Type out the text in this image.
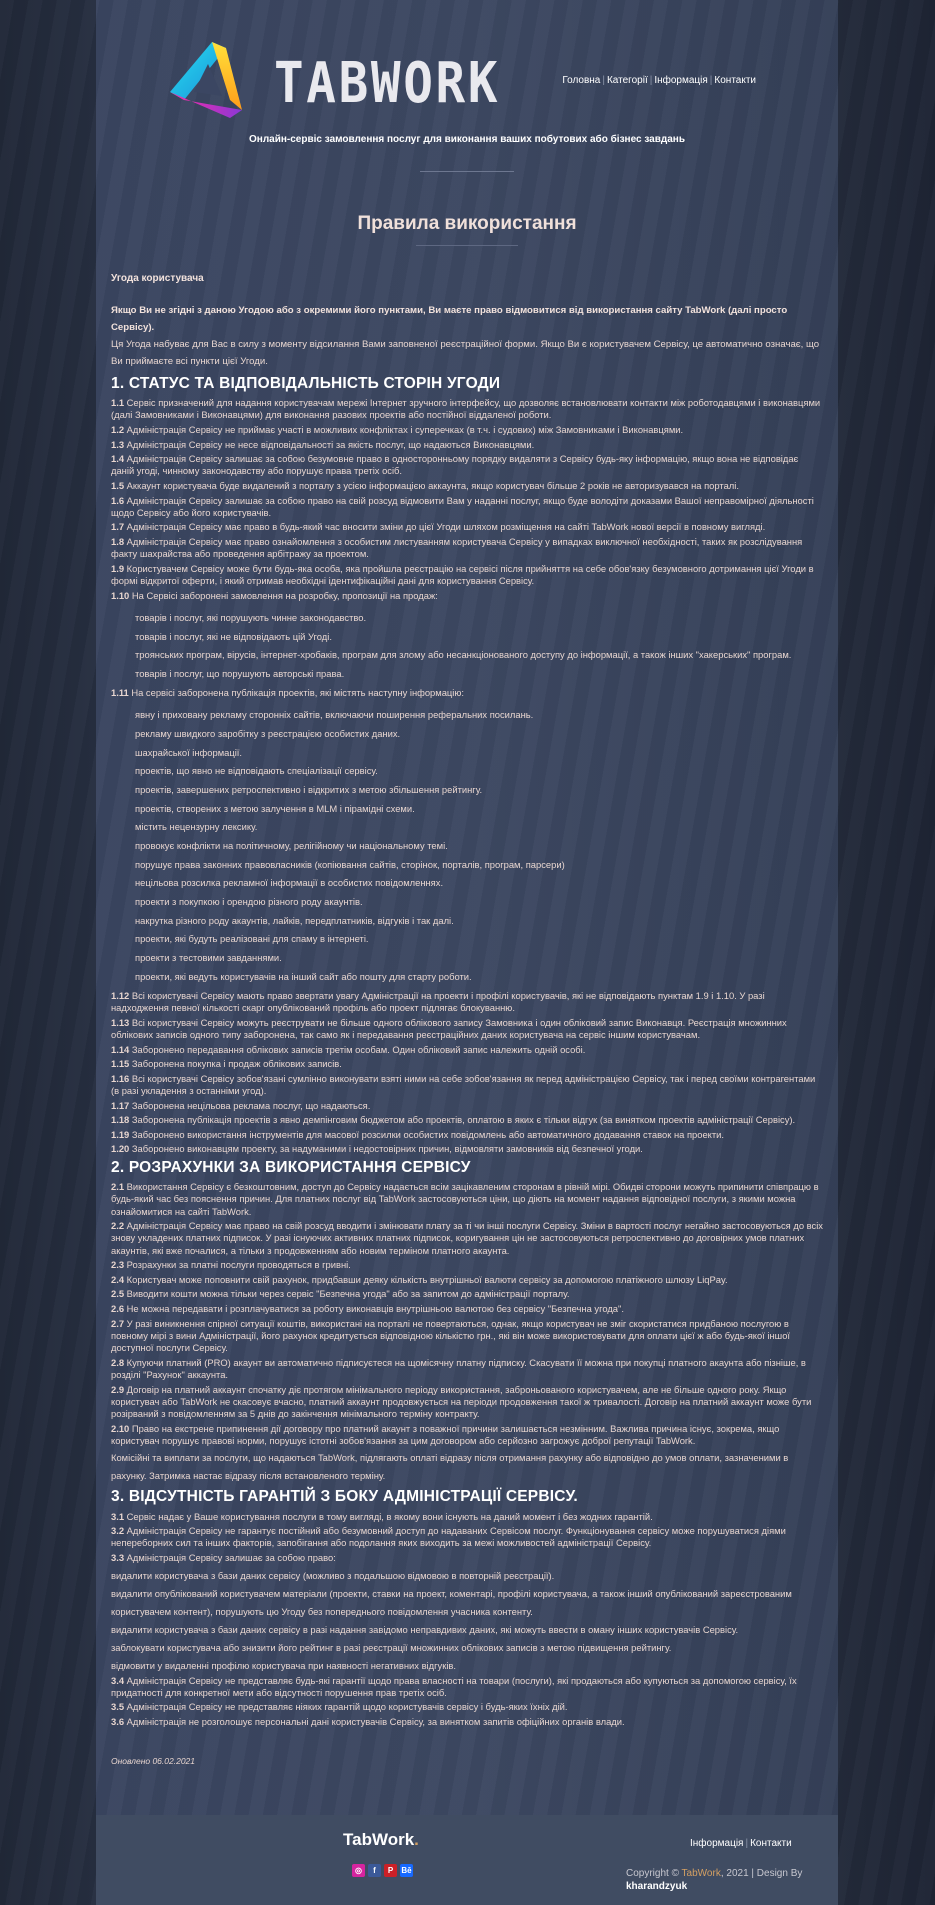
TABWORK	Головна | Категорії | Інформація | Контакти
Онлайн-сервіс замовлення послуг для виконання ваших побутових або бізнес завдань
Правила використання
Угода користувача
Якщо Ви не згідні з даною Угодою або з окремими його пунктами, Ви маєте право відмовитися від використання сайту TabWork (далі просто Сервісу).
Ця Угода набуває для Вас в силу з моменту відсилання Вами заповненої реєстраційної форми. Якщо Ви є користувачем Сервісу, це автоматично означає, що Ви приймаєте всі пункти цієї Угоди.
1. СТАТУС ТА ВІДПОВІДАЛЬНІСТЬ СТОРІН УГОДИ
1.1 Сервіс призначений для надання користувачам мережі Інтернет зручного інтерфейсу, що дозволяє встановлювати контакти між роботодавцями і виконавцями (далі Замовниками і Виконавцями) для виконання разових проектів або постійної віддаленої роботи.
1.2 Адміністрація Сервісу не приймає участі в можливих конфліктах і суперечках (в т.ч. і судових) між Замовниками і Виконавцями.
1.3 Адміністрація Сервісу не несе відповідальності за якість послуг, що надаються Виконавцями.
1.4 Адміністрація Сервісу залишає за собою безумовне право в односторонньому порядку видаляти з Сервісу будь-яку інформацію, якщо вона не відповідає даній угоді, чинному законодавству або порушує права третіх осіб.
1.5 Аккаунт користувача буде видалений з порталу з усією інформацією аккаунта, якщо користувач більше 2 років не авторизувався на порталі.
1.6 Адміністрація Сервісу залишає за собою право на свій розсуд відмовити Вам у наданні послуг, якщо буде володіти доказами Вашої неправомірної діяльності щодо Сервісу або його користувачів.
1.7 Адміністрація Сервісу має право в будь-який час вносити зміни до цієї Угоди шляхом розміщення на сайті TabWork нової версії в повному вигляді.
1.8 Адміністрація Сервісу має право ознайомлення з особистим листуванням користувача Сервісу у випадках виключної необхідності, таких як розслідування факту шахрайства або проведення арбітражу за проектом.
1.9 Користувачем Сервісу може бути будь-яка особа, яка пройшла реєстрацію на сервісі після прийняття на себе обов'язку безумовного дотримання цієї Угоди в формі відкритої оферти, і який отримав необхідні ідентифікаційні дані для користування Сервісу.
1.10 На Сервісі заборонені замовлення на розробку, пропозиції на продаж:
товарів і послуг, які порушують чинне законодавство.
товарів і послуг, які не відповідають цій Угоді.
троянських програм, вірусів, інтернет-хробаків, програм для злому або несанкціонованого доступу до інформації, а також інших "хакерських" програм.
товарів і послуг, що порушують авторські права.
1.11 На сервісі заборонена публікація проектів, які містять наступну інформацію:
явну і приховану рекламу сторонніх сайтів, включаючи поширення реферальних посилань.
рекламу швидкого заробітку з реєстрацією особистих даних.
шахрайської інформації.
проектів, що явно не відповідають спеціалізації сервісу.
проектів, завершених ретроспективно і відкритих з метою збільшення рейтингу.
проектів, створених з метою залучення в MLM і пірамідні схеми.
містить нецензурну лексику.
провокує конфлікти на політичному, релігійному чи національному темі.
порушує права законних правовласників (копіювання сайтів, сторінок, порталів, програм, парсери)
нецільова розсилка рекламної інформації в особистих повідомленнях.
проекти з покупкою і орендою різного роду акаунтів.
накрутка різного роду акаунтів, лайків, передплатників, відгуків і так далі.
проекти, які будуть реалізовані для спаму в інтернеті.
проекти з тестовими завданнями.
проекти, які ведуть користувачів на інший сайт або пошту для старту роботи.
1.12 Всі користувачі Сервісу мають право звертати увагу Адміністрації на проекти і профілі користувачів, які не відповідають пунктам 1.9 і 1.10. У разі надходження певної кількості скарг опублікований профіль або проект підлягає блокуванню.
1.13 Всі користувачі Сервісу можуть реєструвати не більше одного облікового запису Замовника і один обліковий запис Виконавця. Реєстрація множинних облікових записів одного типу заборонена, так само як і передавання реєстраційних даних користувача на сервіс іншим користувачам.
1.14 Заборонено передавання облікових записів третім особам. Один обліковий запис належить одній особі.
1.15 Заборонена покупка і продаж облікових записів.
1.16 Всі користувачі Сервісу зобов'язані сумлінно виконувати взяті ними на себе зобов'язання як перед адміністрацією Сервісу, так і перед своїми контрагентами (в разі укладення з останніми угод).
1.17 Заборонена нецільова реклама послуг, що надаються.
1.18 Заборонена публікація проектів з явно демпінговим бюджетом або проектів, оплатою в яких є тільки відгук (за винятком проектів адміністрації Сервісу).
1.19 Заборонено використання інструментів для масової розсилки особистих повідомлень або автоматичного додавання ставок на проекти.
1.20 Заборонено виконавцям проекту, за надуманими і недостовірних причин, відмовляти замовників від безпечної угоди.
2. РОЗРАХУНКИ ЗА ВИКОРИСТАННЯ СЕРВІСУ
2.1 Використання Сервісу є безкоштовним, доступ до Сервісу надається всім зацікавленим сторонам в рівній мірі. Обидві сторони можуть припинити співпрацю в будь-який час без пояснення причин. Для платних послуг від TabWork застосовуються ціни, що діють на момент надання відповідної послуги, з якими можна ознайомитися на сайті TabWork.
2.2 Адміністрація Сервісу має право на свій розсуд вводити і змінювати плату за ті чи інші послуги Сервісу. Зміни в вартості послуг негайно застосовуються до всіх знову укладених платних підписок. У разі існуючих активних платних підписок, коригування цін не застосовуються ретроспективно до договірних умов платних акаунтів, які вже почалися, а тільки з продовженням або новим терміном платного акаунта.
2.3 Розрахунки за платні послуги проводяться в гривні.
2.4 Користувач може поповнити свій рахунок, придбавши деяку кількість внутрішньої валюти сервісу за допомогою платіжного шлюзу LiqPay.
2.5 Виводити кошти можна тільки через сервіс "Безпечна угода" або за запитом до адміністрації порталу.
2.6 Не можна передавати і розплачуватися за роботу виконавців внутрішньою валютою без сервісу "Безпечна угода".
2.7 У разі виникнення спірної ситуації коштів, використані на порталі не повертаються, однак, якщо користувач не зміг скористатися придбаною послугою в повному мірі з вини Адміністрації, його рахунок кредитується відповідною кількістю грн., які він може використовувати для оплати цієї ж або будь-якої іншої доступної послуги Сервісу.
2.8 Купуючи платний (PRO) акаунт ви автоматично підписуєтеся на щомісячну платну підписку. Скасувати її можна при покупці платного акаунта або пізніше, в розділі "Рахунок" аккаунта.
2.9 Договір на платний аккаунт спочатку діє протягом мінімального періоду використання, заброньованого користувачем, але не більше одного року. Якщо користувач або TabWork не скасовує вчасно, платний аккаунт продовжується на періоди продовження такої ж тривалості. Договір на платний аккаунт може бути розірваний з повідомленням за 5 днів до закінчення мінімального терміну контракту.
2.10 Право на екстрене припинення дії договору про платний акаунт з поважної причини залишається незмінним. Важлива причина існує, зокрема, якщо користувач порушує правові норми, порушує істотні зобов'язання за цим договором або серйозно загрожує доброї репутації TabWork.
Комісійні та виплати за послуги, що надаються TabWork, підлягають оплаті відразу після отримання рахунку або відповідно до умов оплати, зазначеними в рахунку. Затримка настає відразу після встановленого терміну.
3. ВІДСУТНІСТЬ ГАРАНТІЙ З БОКУ АДМІНІСТРАЦІЇ СЕРВІСУ.
3.1 Сервіс надає у Ваше користування послуги в тому вигляді, в якому вони існують на даний момент і без жодних гарантій.
3.2 Адміністрація Сервісу не гарантує постійний або безумовний доступ до надаваних Сервісом послуг. Функціонування сервісу може порушуватися діями непереборних сил та інших факторів, запобігання або подолання яких виходить за межі можливостей адміністрації Сервісу.
3.3 Адміністрація Сервісу залишає за собою право:
видалити користувача з бази даних сервісу (можливо з подальшою відмовою в повторній реєстрації).
видалити опублікований користувачем матеріали (проекти, ставки на проект, коментарі, профілі користувача, а також інший опублікований зареєстрованим користувачем контент), порушують цю Угоду без попереднього повідомлення учасника контенту.
видалити користувача з бази даних сервісу в разі надання завідомо неправдивих даних, які можуть ввести в оману інших користувачів Сервісу.
заблокувати користувача або знизити його рейтинг в разі реєстрації множинних облікових записів з метою підвищення рейтингу.
відмовити у видаленні профілю користувача при наявності негативних відгуків.
3.4 Адміністрація Сервісу не представляє будь-які гарантії щодо права власності на товари (послуги), які продаються або купуються за допомогою сервісу, їх придатності для конкретної мети або відсутності порушення прав третіх осіб.
3.5 Адміністрація Сервісу не представляє ніяких гарантій щодо користувачів сервісу і будь-яких їхніх дій.
3.6 Адміністрація не розголошує персональні дані користувачів Сервісу, за винятком запитів офіційних органів влади.
Оновлено 06.02.2021
TabWork.
◎	f	P	Bē
Інформація | Контакти
Copyright © TabWork, 2021 | Design By kharandzyuk
